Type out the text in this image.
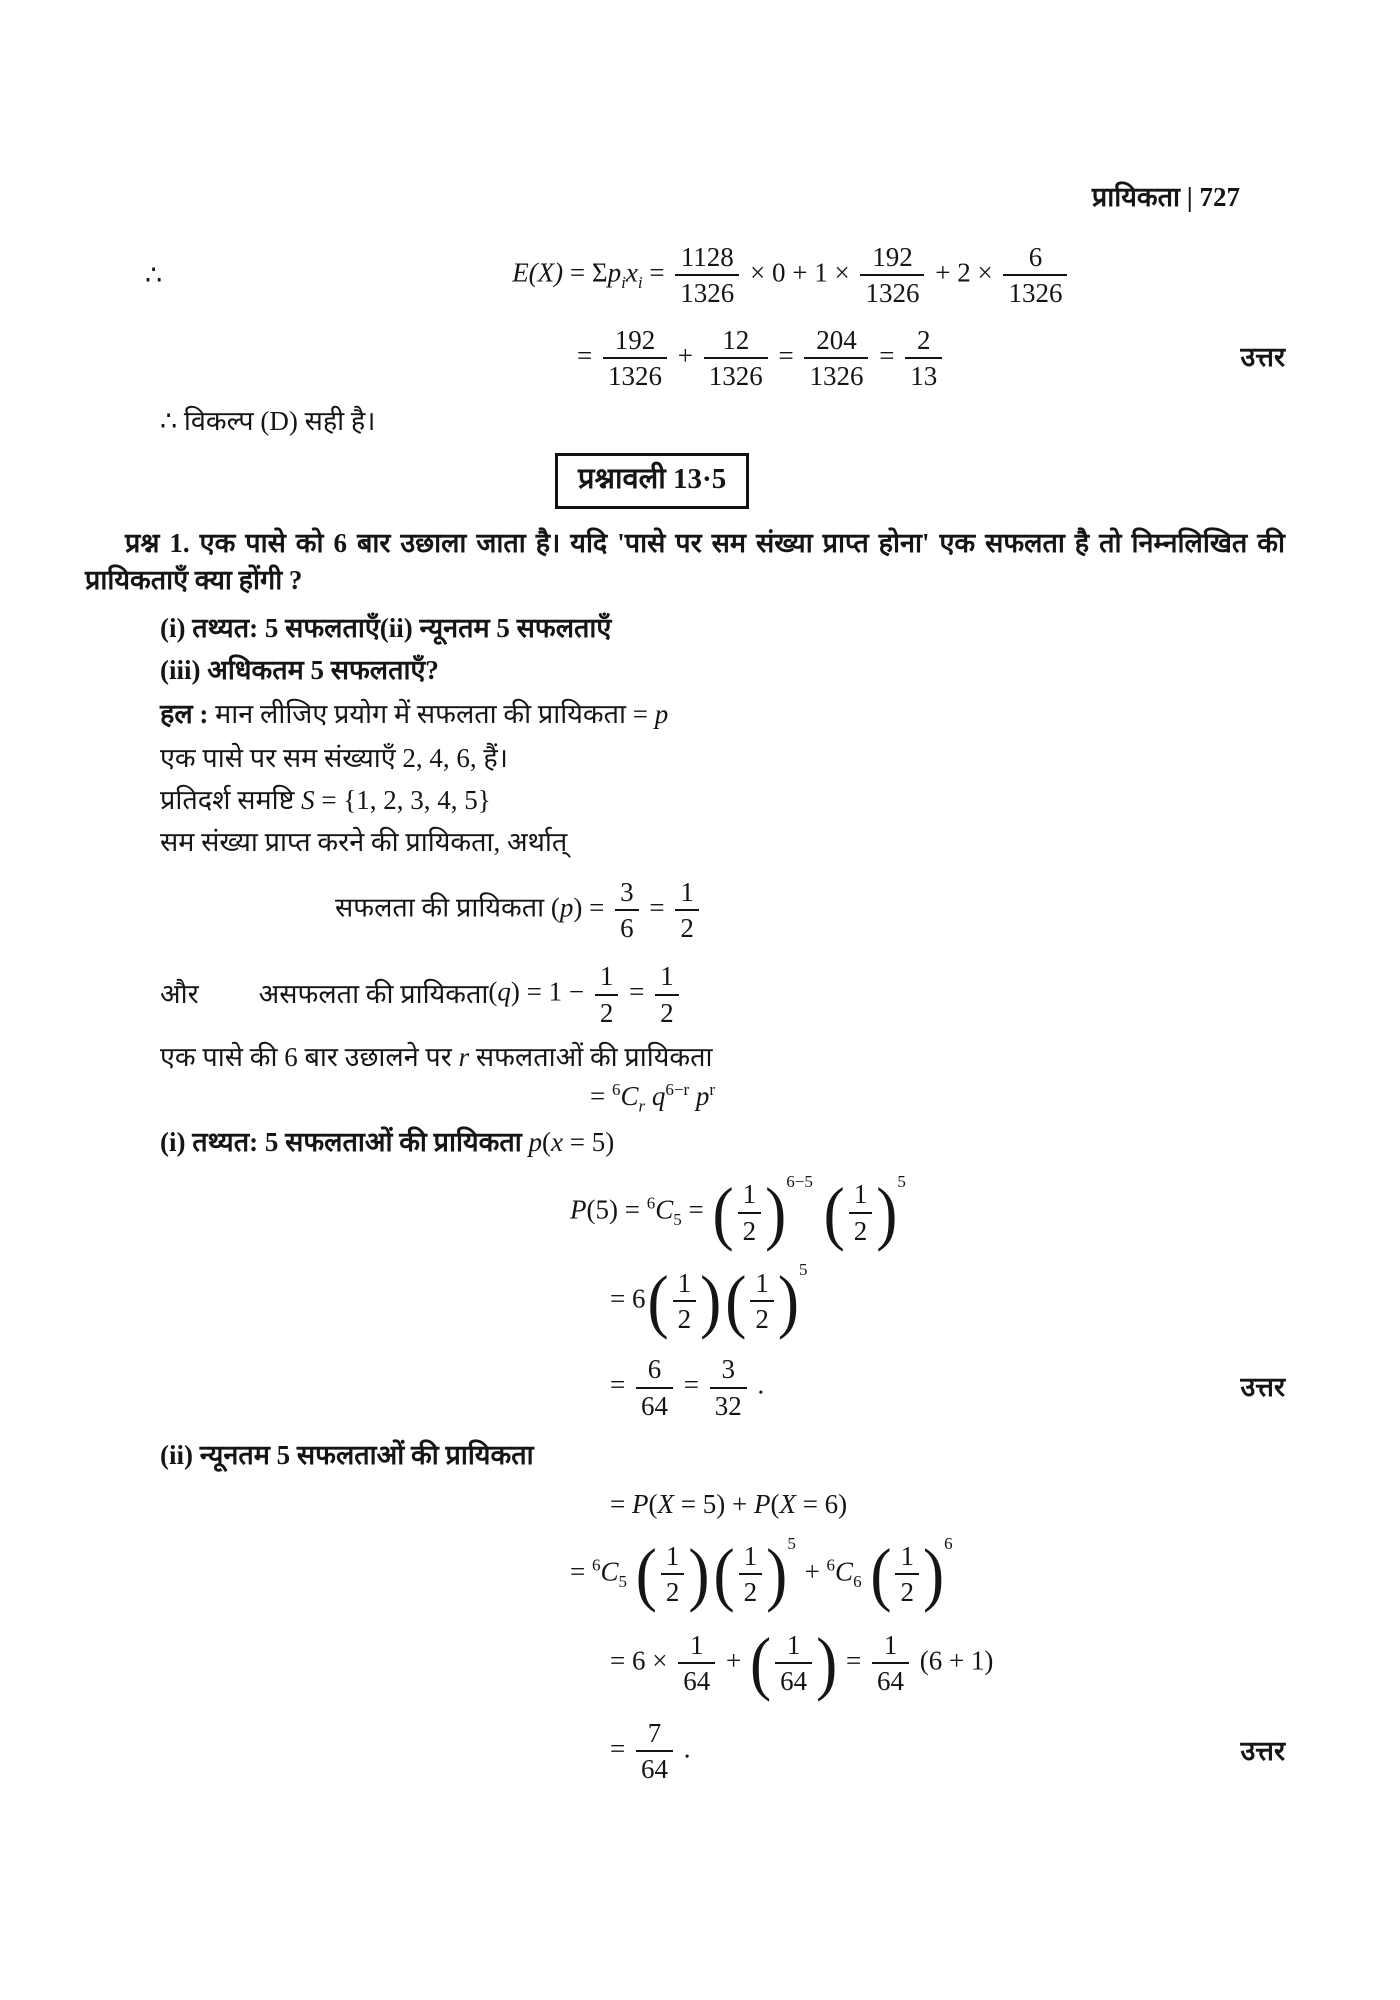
प्रायिकता | 727
∴	$E(X) = \Sigma p_ix_i = \frac{1128}{1326} \times 0 + 1 \times \frac{192}{1326} + 2 \times \frac{6}{1326}$
= $\frac{192}{1326} + \frac{12}{1326} = \frac{204}{1326} = \frac{2}{13}$	उत्तर
∴ विकल्प (D) सही है।
प्रश्नावली 13·5

प्रश्न 1. एक पासे को 6 बार उछाला जाता है। यदि 'पासे पर सम संख्या प्राप्त होना' एक सफलता है तो निम्नलिखित की प्रायिकताएँ क्या होंगी ?

(i) तथ्यत: 5 सफलताएँ(ii) न्यूनतम 5 सफलताएँ
(iii) अधिकतम 5 सफलताएँ?
हल : मान लीजिए प्रयोग में सफलता की प्रायिकता = p
एक पासे पर सम संख्याएँ 2, 4, 6, हैं।
प्रतिदर्श समष्टि S = {1, 2, 3, 4, 5}
सम संख्या प्राप्त करने की प्रायिकता, अर्थात्
सफलता की प्रायिकता $(p) = \frac{3}{6} = \frac{1}{2}$
और असफलता की प्रायिकता $(q) = 1 - \frac{1}{2} = \frac{1}{2}$
एक पासे की 6 बार उछालने पर r सफलताओं की प्रायिकता
= $^6C_r$ $q^{6-r}$ $p^r$
(i) तथ्यत: 5 सफलताओं की प्रायिकता p(x = 5)
$P(5) = ^6C_5$ = ( $\frac{1}{2} )^{6-5}$ ( $\frac{1}{2} )^5$
= $6( \frac{1}{2}$ )( $\frac{1}{2} )^5$
= $\frac{6}{64} = \frac{3}{32}$ .	उत्तर
(ii) न्यूनतम 5 सफलताओं की प्रायिकता
= P(X = 5) + P(X = 6)
= $^6C_5$ ( $\frac{1}{2}$ )( $\frac{1}{2} )^5 + ^6C_6$ ( $\frac{1}{2} )^6$
= $6 \times \frac{1}{64}$ + ( $\frac{1}{64}$ ) = $\frac{1}{64} (6 + 1)$
= $\frac{7}{64}$ .	उत्तर
